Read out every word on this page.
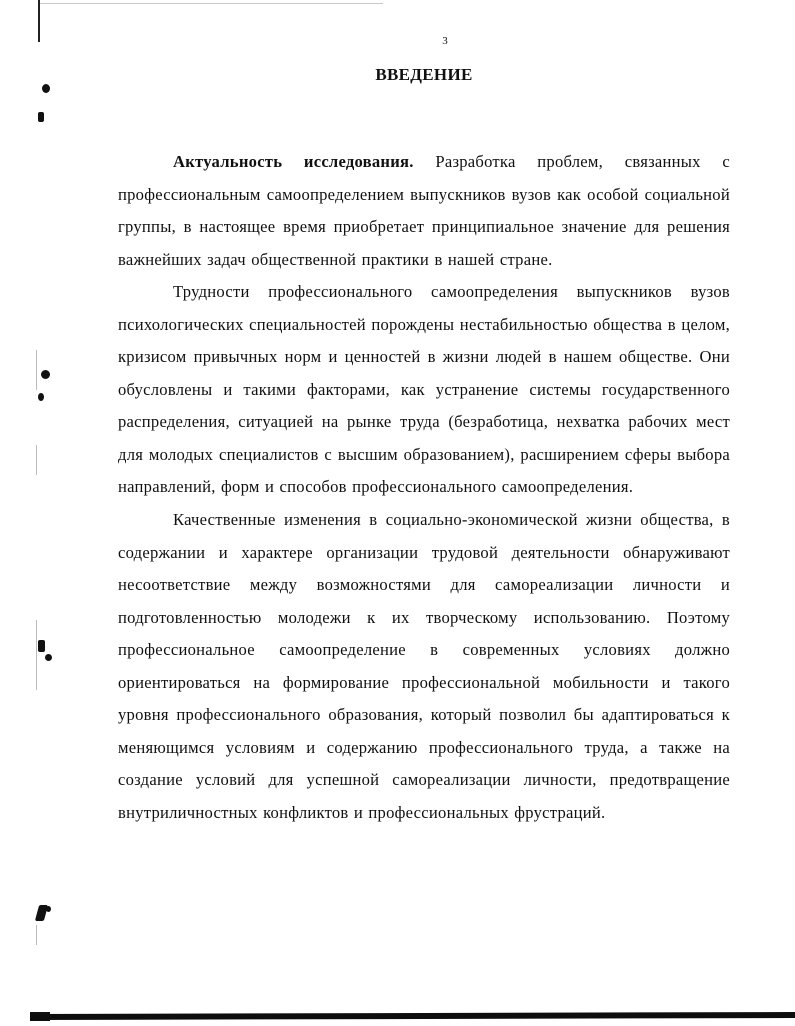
3
ВВЕДЕНИЕ

Актуальность исследования. Разработка проблем, связанных с профессиональным самоопределением выпускников вузов как особой социальной группы, в настоящее время приобретает принципиальное значение для решения важнейших задач общественной практики в нашей стране.

Трудности профессионального самоопределения выпускников вузов психологических специальностей порождены нестабильностью общества в целом, кризисом привычных норм и ценностей в жизни людей в нашем обществе. Они обусловлены и такими факторами, как устранение системы государственного распределения, ситуацией на рынке труда (безработица, нехватка рабочих мест для молодых специалистов с высшим образованием), расширением сферы выбора направлений, форм и способов профессионального самоопределения.

Качественные изменения в социально-экономической жизни общества, в содержании и характере организации трудовой деятельности обнаруживают несоответствие между возможностями для самореализации личности и подготовленностью молодежи к их творческому использованию. Поэтому профессиональное самоопределение в современных условиях должно ориентироваться на формирование профессиональной мобильности и такого уровня профессионального образования, который позволил бы адаптироваться к меняющимся условиям и содержанию профессионального труда, а также на создание условий для успешной самореализации личности, предотвращение внутриличностных конфликтов и профессиональных фрустраций.
